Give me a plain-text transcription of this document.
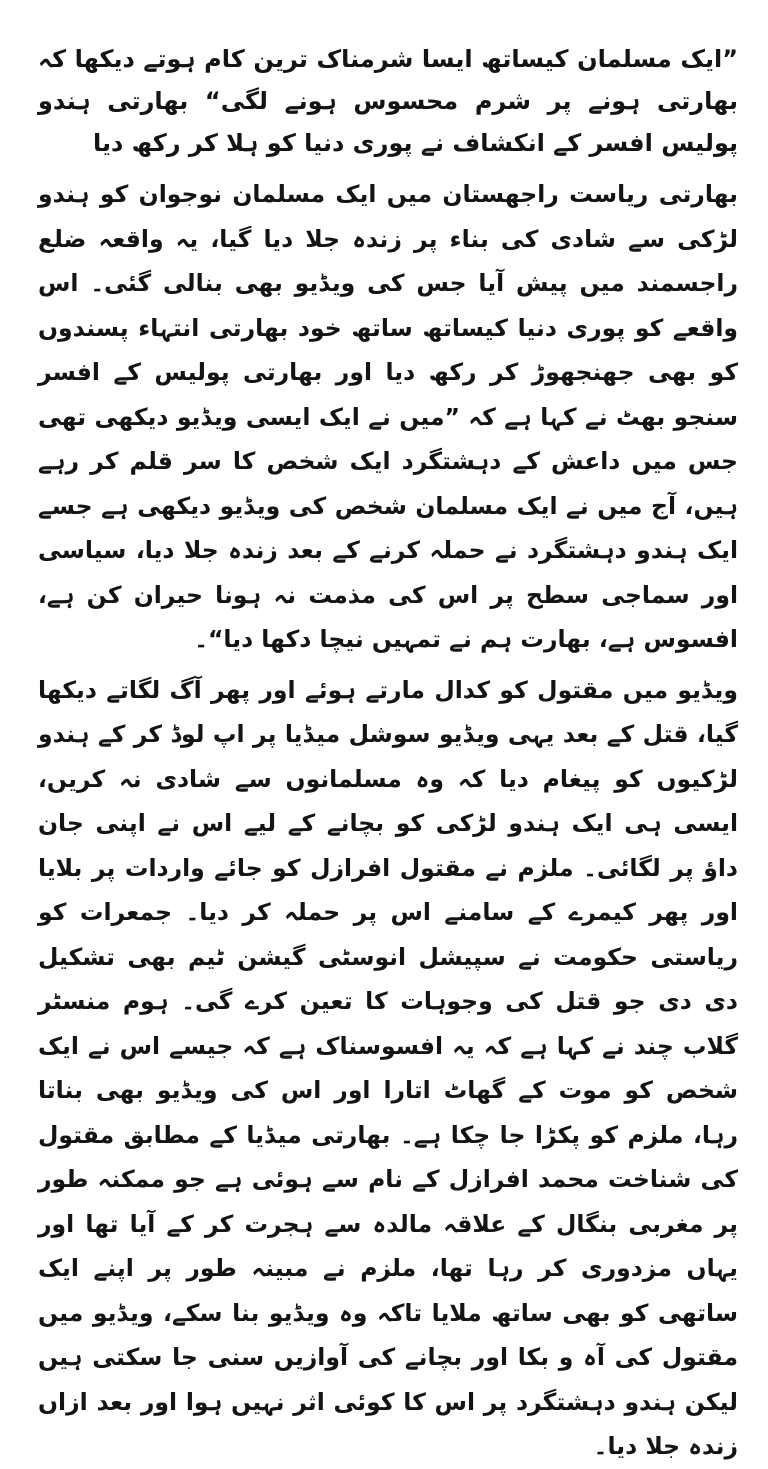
”ایک مسلمان کیساتھ ایسا شرمناک ترین کام ہوتے دیکھا کہ بھارتی ہونے پر شرم محسوس ہونے لگی“ بھارتی ہندو پولیس افسر کے انکشاف نے پوری دنیا کو ہلا کر رکھ دیا

بھارتی ریاست راجھستان میں ایک مسلمان نوجوان کو ہندو لڑکی سے شادی کی بناء پر زندہ جلا دیا گیا، یہ واقعہ ضلع راجسمند میں پیش آیا جس کی ویڈیو بھی بنالی گئی۔ اس واقعے کو پوری دنیا کیساتھ ساتھ خود بھارتی انتہاء پسندوں کو بھی جھنجھوڑ کر رکھ دیا اور بھارتی پولیس کے افسر سنجو بھٹ نے کہا ہے کہ ”میں نے ایک ایسی ویڈیو دیکھی تھی جس میں داعش کے دہشتگرد ایک شخص کا سر قلم کر رہے ہیں، آج میں نے ایک مسلمان شخص کی ویڈیو دیکھی ہے جسے ایک ہندو دہشتگرد نے حملہ کرنے کے بعد زندہ جلا دیا، سیاسی اور سماجی سطح پر اس کی مذمت نہ ہونا حیران کن ہے، افسوس ہے، بھارت ہم نے تمہیں نیچا دکھا دیا“۔

ویڈیو میں مقتول کو کدال مارتے ہوئے اور پھر آگ لگاتے دیکھا گیا، قتل کے بعد یہی ویڈیو سوشل میڈیا پر اپ لوڈ کر کے ہندو لڑکیوں کو پیغام دیا کہ وہ مسلمانوں سے شادی نہ کریں، ایسی ہی ایک ہندو لڑکی کو بچانے کے لیے اس نے اپنی جان داؤ پر لگائی۔ ملزم نے مقتول افرازل کو جائے واردات پر بلایا اور پھر کیمرے کے سامنے اس پر حملہ کر دیا۔ جمعرات کو ریاستی حکومت نے سپیشل انوسٹی گیشن ٹیم بھی تشکیل دی دی جو قتل کی وجوہات کا تعین کرے گی۔ ہوم منسٹر گلاب چند نے کہا ہے کہ یہ افسوسناک ہے کہ جیسے اس نے ایک شخص کو موت کے گھاٹ اتارا اور اس کی ویڈیو بھی بناتا رہا، ملزم کو پکڑا جا چکا ہے۔ بھارتی میڈیا کے مطابق مقتول کی شناخت محمد افرازل کے نام سے ہوئی ہے جو ممکنہ طور پر مغربی بنگال کے علاقہ مالدہ سے ہجرت کر کے آیا تھا اور یہاں مزدوری کر رہا تھا، ملزم نے مبینہ طور پر اپنے ایک ساتھی کو بھی ساتھ ملایا تاکہ وہ ویڈیو بنا سکے، ویڈیو میں مقتول کی آہ و بکا اور بچانے کی آوازیں سنی جا سکتی ہیں لیکن ہندو دہشتگرد پر اس کا کوئی اثر نہیں ہوا اور بعد ازاں زندہ جلا دیا۔
